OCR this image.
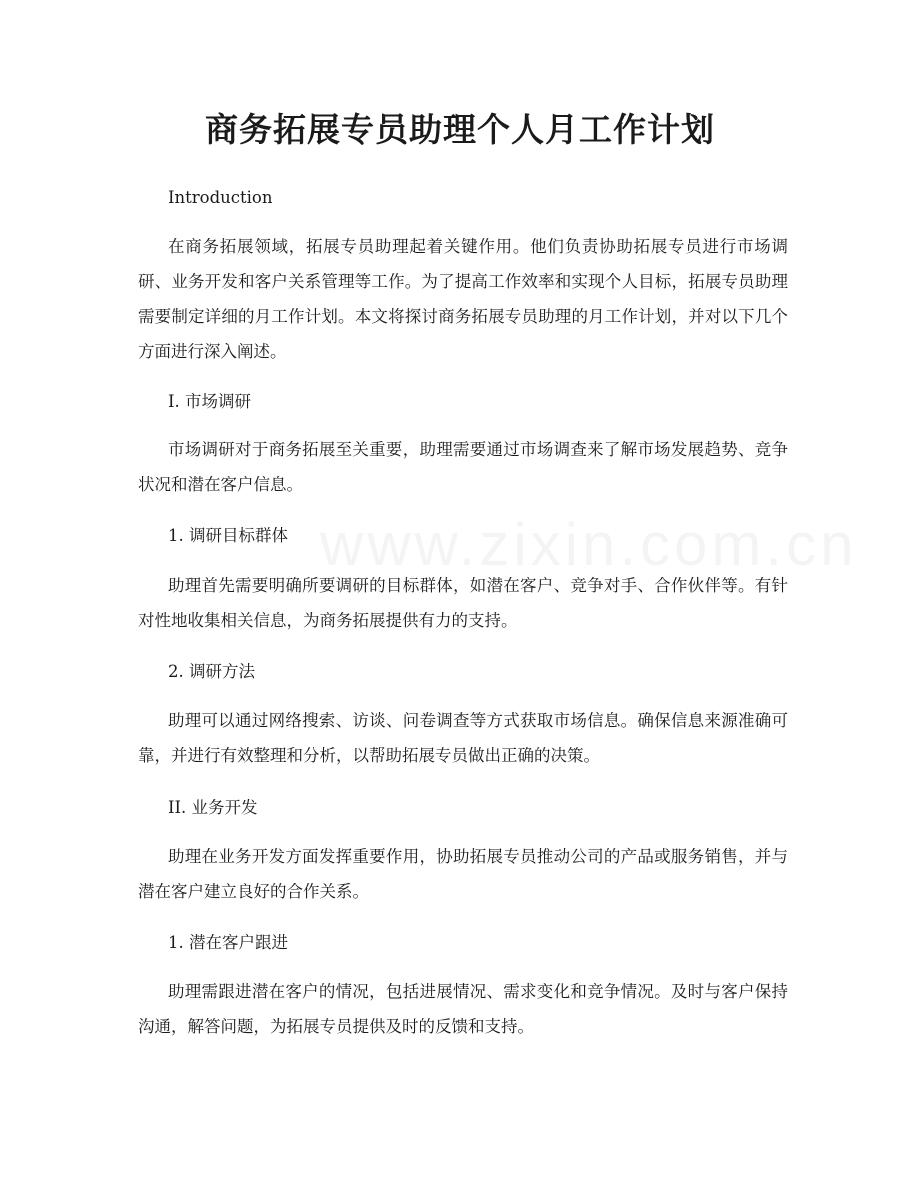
商务拓展专员助理个人月工作计划

Introduction

在商务拓展领域，拓展专员助理起着关键作用。他们负责协助拓展专员进行市场调研、业务开发和客户关系管理等工作。为了提高工作效率和实现个人目标，拓展专员助理需要制定详细的月工作计划。本文将探讨商务拓展专员助理的月工作计划，并对以下几个方面进行深入阐述。

I. 市场调研

市场调研对于商务拓展至关重要，助理需要通过市场调查来了解市场发展趋势、竞争状况和潜在客户信息。

1. 调研目标群体

助理首先需要明确所要调研的目标群体，如潜在客户、竞争对手、合作伙伴等。有针对性地收集相关信息，为商务拓展提供有力的支持。

2. 调研方法

助理可以通过网络搜索、访谈、问卷调查等方式获取市场信息。确保信息来源准确可靠，并进行有效整理和分析，以帮助拓展专员做出正确的决策。

II. 业务开发

助理在业务开发方面发挥重要作用，协助拓展专员推动公司的产品或服务销售，并与潜在客户建立良好的合作关系。

1. 潜在客户跟进

助理需跟进潜在客户的情况，包括进展情况、需求变化和竞争情况。及时与客户保持沟通，解答问题，为拓展专员提供及时的反馈和支持。
